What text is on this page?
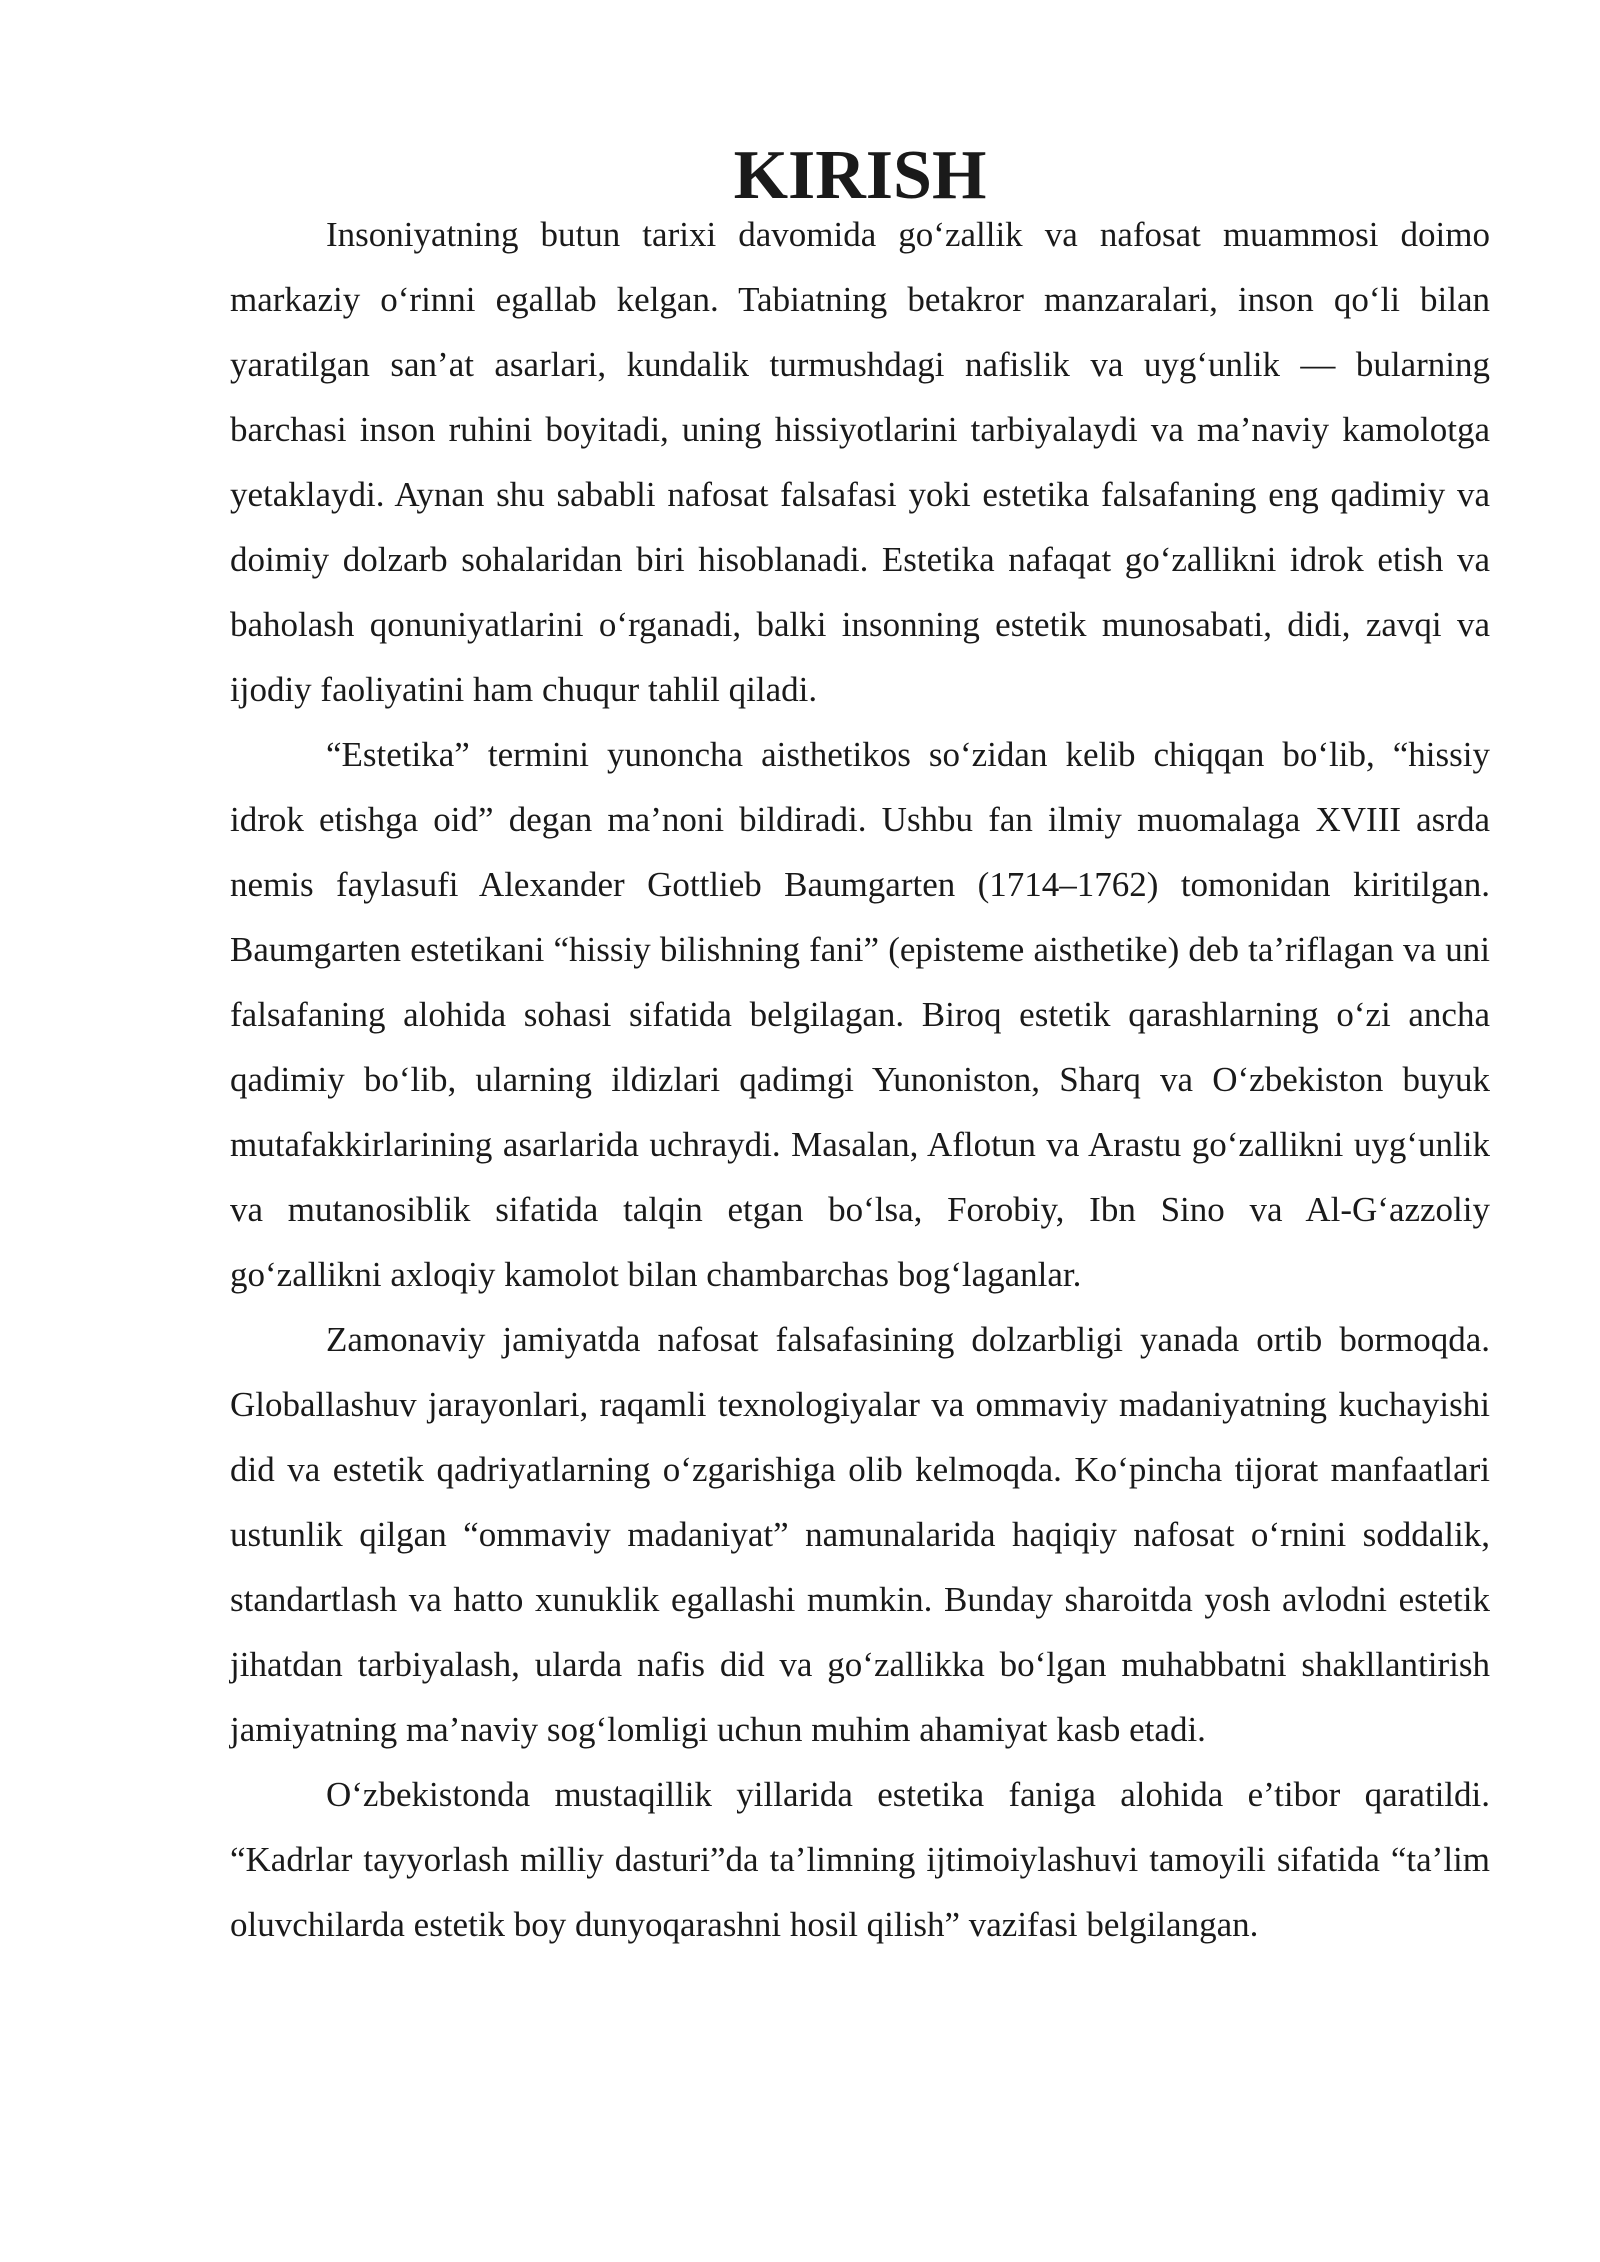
KIRISH

Insoniyatning butun tarixi davomida go‘zallik va nafosat muammosi doimo markaziy o‘rinni egallab kelgan. Tabiatning betakror manzaralari, inson qo‘li bilan yaratilgan san’at asarlari, kundalik turmushdagi nafislik va uyg‘unlik — bularning barchasi inson ruhini boyitadi, uning hissiyotlarini tarbiyalaydi va ma’naviy kamolotga yetaklaydi. Aynan shu sababli nafosat falsafasi yoki estetika falsafaning eng qadimiy va doimiy dolzarb sohalaridan biri hisoblanadi. Estetika nafaqat go‘zallikni idrok etish va baholash qonuniyatlarini o‘rganadi, balki insonning estetik munosabati, didi, zavqi va ijodiy faoliyatini ham chuqur tahlil qiladi.

“Estetika” termini yunoncha aisthetikos so‘zidan kelib chiqqan bo‘lib, “hissiy idrok etishga oid” degan ma’noni bildiradi. Ushbu fan ilmiy muomalaga XVIII asrda nemis faylasufi Alexander Gottlieb Baumgarten (1714–1762) tomonidan kiritilgan. Baumgarten estetikani “hissiy bilishning fani” (episteme aisthetike) deb ta’riflagan va uni falsafaning alohida sohasi sifatida belgilagan. Biroq estetik qarashlarning o‘zi ancha qadimiy bo‘lib, ularning ildizlari qadimgi Yunoniston, Sharq va O‘zbekiston buyuk mutafakkirlarining asarlarida uchraydi. Masalan, Aflotun va Arastu go‘zallikni uyg‘unlik va mutanosiblik sifatida talqin etgan bo‘lsa, Forobiy, Ibn Sino va Al-G‘azzoliy go‘zallikni axloqiy kamolot bilan chambarchas bog‘laganlar.

Zamonaviy jamiyatda nafosat falsafasining dolzarbligi yanada ortib bormoqda. Globallashuv jarayonlari, raqamli texnologiyalar va ommaviy madaniyatning kuchayishi did va estetik qadriyatlarning o‘zgarishiga olib kelmoqda. Ko‘pincha tijorat manfaatlari ustunlik qilgan “ommaviy madaniyat” namunalarida haqiqiy nafosat o‘rnini soddalik, standartlash va hatto xunuklik egallashi mumkin. Bunday sharoitda yosh avlodni estetik jihatdan tarbiyalash, ularda nafis did va go‘zallikka bo‘lgan muhabbatni shakllantirish jamiyatning ma’naviy sog‘lomligi uchun muhim ahamiyat kasb etadi.

O‘zbekistonda mustaqillik yillarida estetika faniga alohida e’tibor qaratildi. “Kadrlar tayyorlash milliy dasturi”da ta’limning ijtimoiylashuvi tamoyili sifatida “ta’lim oluvchilarda estetik boy dunyoqarashni hosil qilish” vazifasi belgilangan.
